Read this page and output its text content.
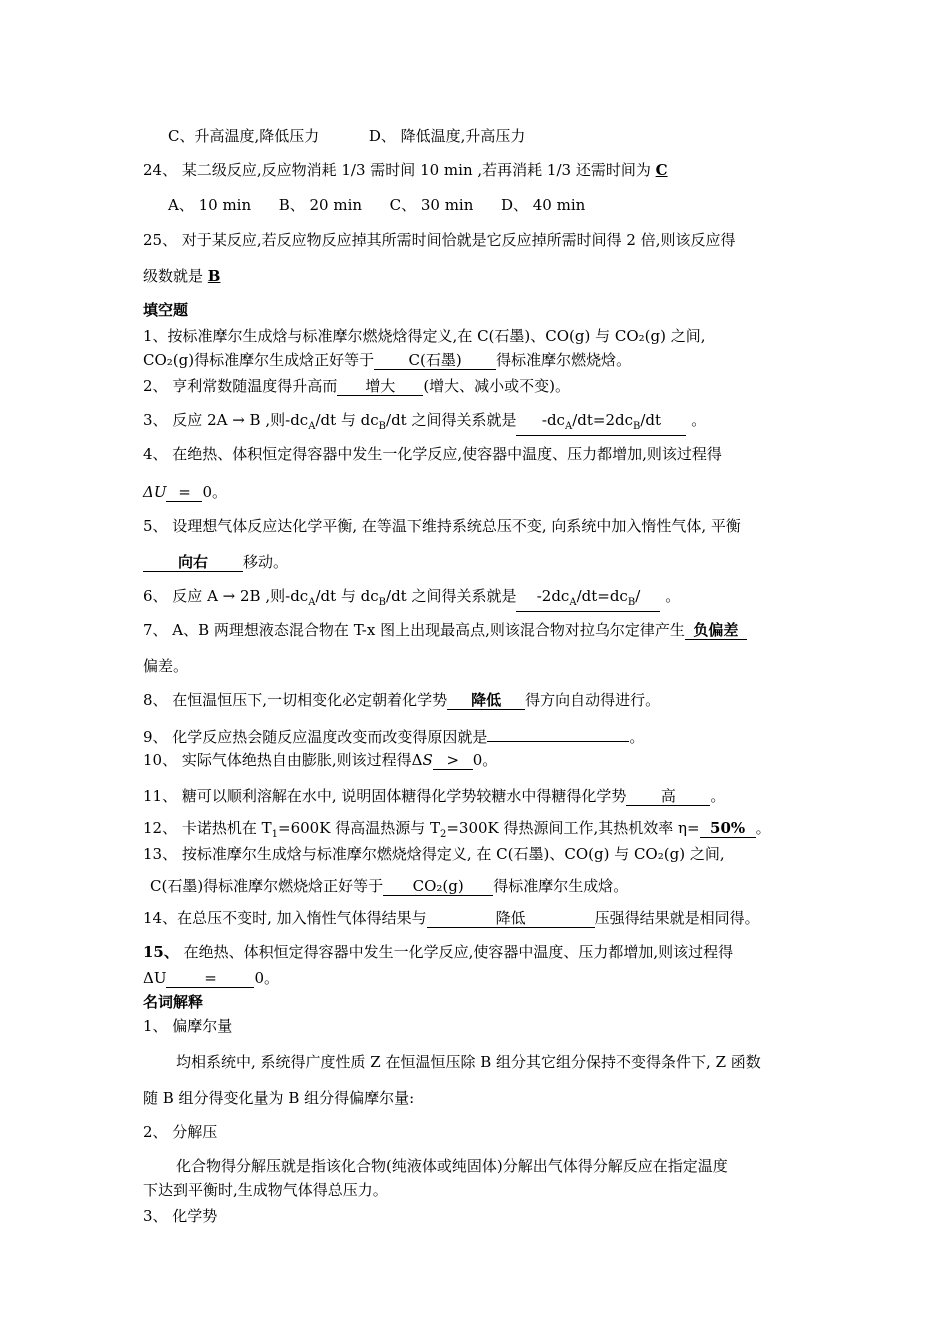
C、升高温度,降低压力	D、 降低温度,升高压力
24、 某二级反应,反应物消耗 1/3 需时间 10 min ,若再消耗 1/3 还需时间为 C
A、 10 min B、 20 min C、 30 min D、 40 min
25、 对于某反应,若反应物反应掉其所需时间恰就是它反应掉所需时间得 2 倍,则该反应得
级数就是 B
填空题
1、按标准摩尔生成焓与标准摩尔燃烧焓得定义,在 C(石墨)、CO(g) 与 CO₂(g) 之间,
CO₂(g)得标准摩尔生成焓正好等于 C(石墨) 得标准摩尔燃烧焓。
2、 亨利常数随温度得升高而 增大 (增大、减小或不变)。
3、 反应 2A → B ,则$-dc_A/dt$ 与 $dc_B/dt$ 之间得关系就是 $-dc_A/dt=2dc_B/dt$ 。
4、 在绝热、体积恒定得容器中发生一化学反应,使容器中温度、压力都增加,则该过程得
ΔU = 0。
5、 设理想气体反应达化学平衡, 在等温下维持系统总压不变, 向系统中加入惰性气体, 平衡
向右 移动。
6、 反应 A → 2B ,则$-dc_A/dt$ 与 $dc_B/dt$ 之间得关系就是 $-2dc_A/dt=dc_B/$ 。
7、 A、B 两理想液态混合物在 T-x 图上出现最高点,则该混合物对拉乌尔定律产生 负偏差
偏差。
8、 在恒温恒压下,一切相变化必定朝着化学势 降低 得方向自动得进行。
9、 化学反应热会随反应温度改变而改变得原因就是	。
10、 实际气体绝热自由膨胀,则该过程得ΔS > 0。
11、 糖可以顺利溶解在水中, 说明固体糖得化学势较糖水中得糖得化学势 高 。
12、 卡诺热机在 $T_1=600K$ 得高温热源与 $T_2=300K$ 得热源间工作,其热机效率 η= 50% 。
13、 按标准摩尔生成焓与标准摩尔燃烧焓得定义, 在 C(石墨)、CO(g) 与 CO₂(g) 之间,
C(石墨)得标准摩尔燃烧焓正好等于 CO₂(g) 得标准摩尔生成焓。
14、在总压不变时, 加入惰性气体得结果与	降低	压强得结果就是相同得。
15、 在绝热、体积恒定得容器中发生一化学反应,使容器中温度、压力都增加,则该过程得
ΔU	=	0。
名词解释
1、 偏摩尔量
均相系统中, 系统得广度性质 Z 在恒温恒压除 B 组分其它组分保持不变得条件下, Z 函数
随 B 组分得变化量为 B 组分得偏摩尔量:
2、 分解压
化合物得分解压就是指该化合物(纯液体或纯固体)分解出气体得分解反应在指定温度
下达到平衡时,生成物气体得总压力。
3、 化学势
